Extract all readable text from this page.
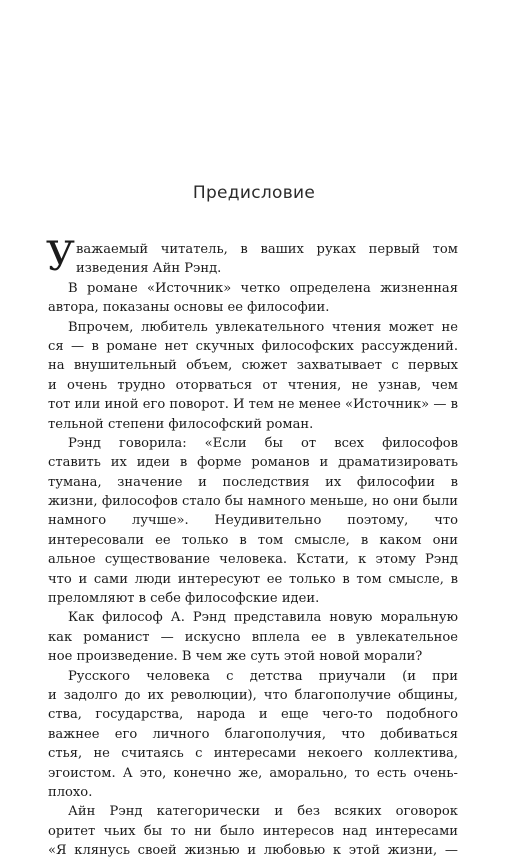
Предисловие
У важаемый читатель, в ваших руках первый том
изведения Айн Рэнд.
В романе «Источник» четко определена жизненная
автора, показаны основы ее философии.
Впрочем, любитель увлекательного чтения может не
ся — в романе нет скучных философских рассуждений.
на внушительный объем, сюжет захватывает с первых
и очень трудно оторваться от чтения, не узнав, чем
тот или иной его поворот. И тем не менее «Источник» — в
тельной степени философский роман.
Рэнд говорила: «Если бы от всех философов
ставить их идеи в форме романов и драматизировать
тумана, значение и последствия их философии в
жизни, философов стало бы намного меньше, но они были
намного лучше». Неудивительно поэтому, что
интересовали ее только в том смысле, в каком они
альное существование человека. Кстати, к этому Рэнд
что и сами люди интересуют ее только в том смысле, в
преломляют в себе философские идеи.
Как философ А. Рэнд представила новую моральную
как романист — искусно вплела ее в увлекательное
ное произведение. В чем же суть этой новой морали?
Русского человека с детства приучали (и при
и задолго до их революции), что благополучие общины,
ства, государства, народа и еще чего-то подобного
важнее его личного благополучия, что добиваться
стья, не считаясь с интересами некоего коллектива,
эгоистом. А это, конечно же, аморально, то есть очень-
плохо.
Айн Рэнд категорически и без всяких оговорок
оритет чьих бы то ни было интересов над интересами
«Я клянусь своей жизнью и любовью к этой жизни, —
